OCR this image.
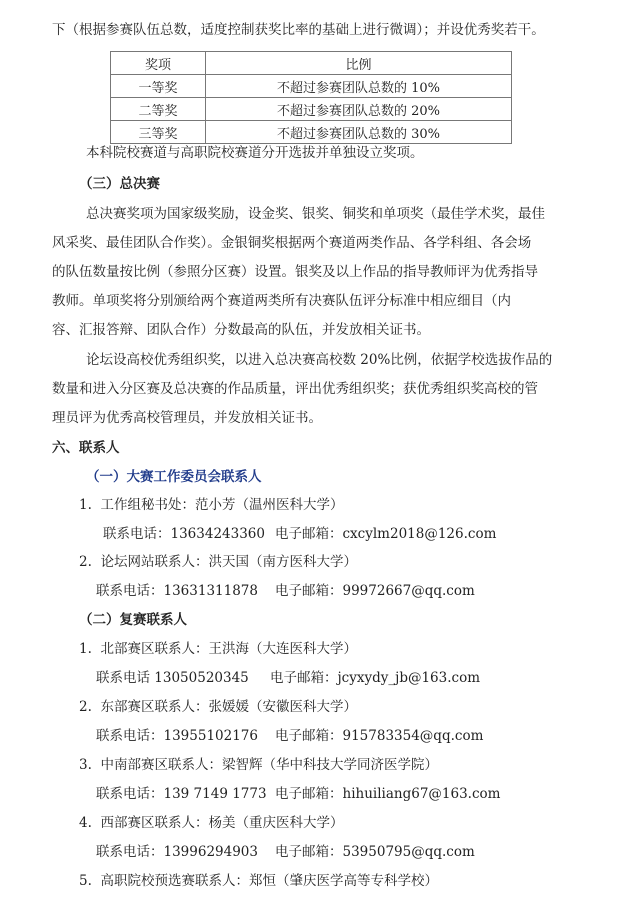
下（根据参赛队伍总数，适度控制获奖比率的基础上进行微调）；并设优秀奖若干。
奖项	比例
一等奖	不超过参赛团队总数的 10%
二等奖	不超过参赛团队总数的 20%
三等奖	不超过参赛团队总数的 30%
本科院校赛道与高职院校赛道分开选拔并单独设立奖项。
（三）总决赛
总决赛奖项为国家级奖励，设金奖、银奖、铜奖和单项奖（最佳学术奖，最佳
风采奖、最佳团队合作奖）。金银铜奖根据两个赛道两类作品、各学科组、各会场
的队伍数量按比例（参照分区赛）设置。银奖及以上作品的指导教师评为优秀指导
教师。单项奖将分别颁给两个赛道两类所有决赛队伍评分标准中相应细目（内
容、汇报答辩、团队合作）分数最高的队伍，并发放相关证书。
论坛设高校优秀组织奖，以进入总决赛高校数 20%比例，依据学校选拔作品的
数量和进入分区赛及总决赛的作品质量，评出优秀组织奖；获优秀组织奖高校的管
理员评为优秀高校管理员，并发放相关证书。
六、联系人
（一）大赛工作委员会联系人
1. 工作组秘书处：范小芳（温州医科大学）
联系电话：13634243360 电子邮箱：cxcylm2018@126.com
2. 论坛网站联系人：洪天国（南方医科大学）
联系电话：13631311878 电子邮箱：99972667@qq.com
（二）复赛联系人
1. 北部赛区联系人：王洪海（大连医科大学）
联系电话 13050520345 电子邮箱：jcyxydy_jb@163.com
2. 东部赛区联系人：张媛媛（安徽医科大学）
联系电话：13955102176 电子邮箱：915783354@qq.com
3. 中南部赛区联系人：梁智辉（华中科技大学同济医学院）
联系电话：139 7149 1773 电子邮箱：hihuiliang67@163.com
4. 西部赛区联系人：杨美（重庆医科大学）
联系电话：13996294903 电子邮箱：53950795@qq.com
5. 高职院校预选赛联系人：郑恒（肇庆医学高等专科学校）
